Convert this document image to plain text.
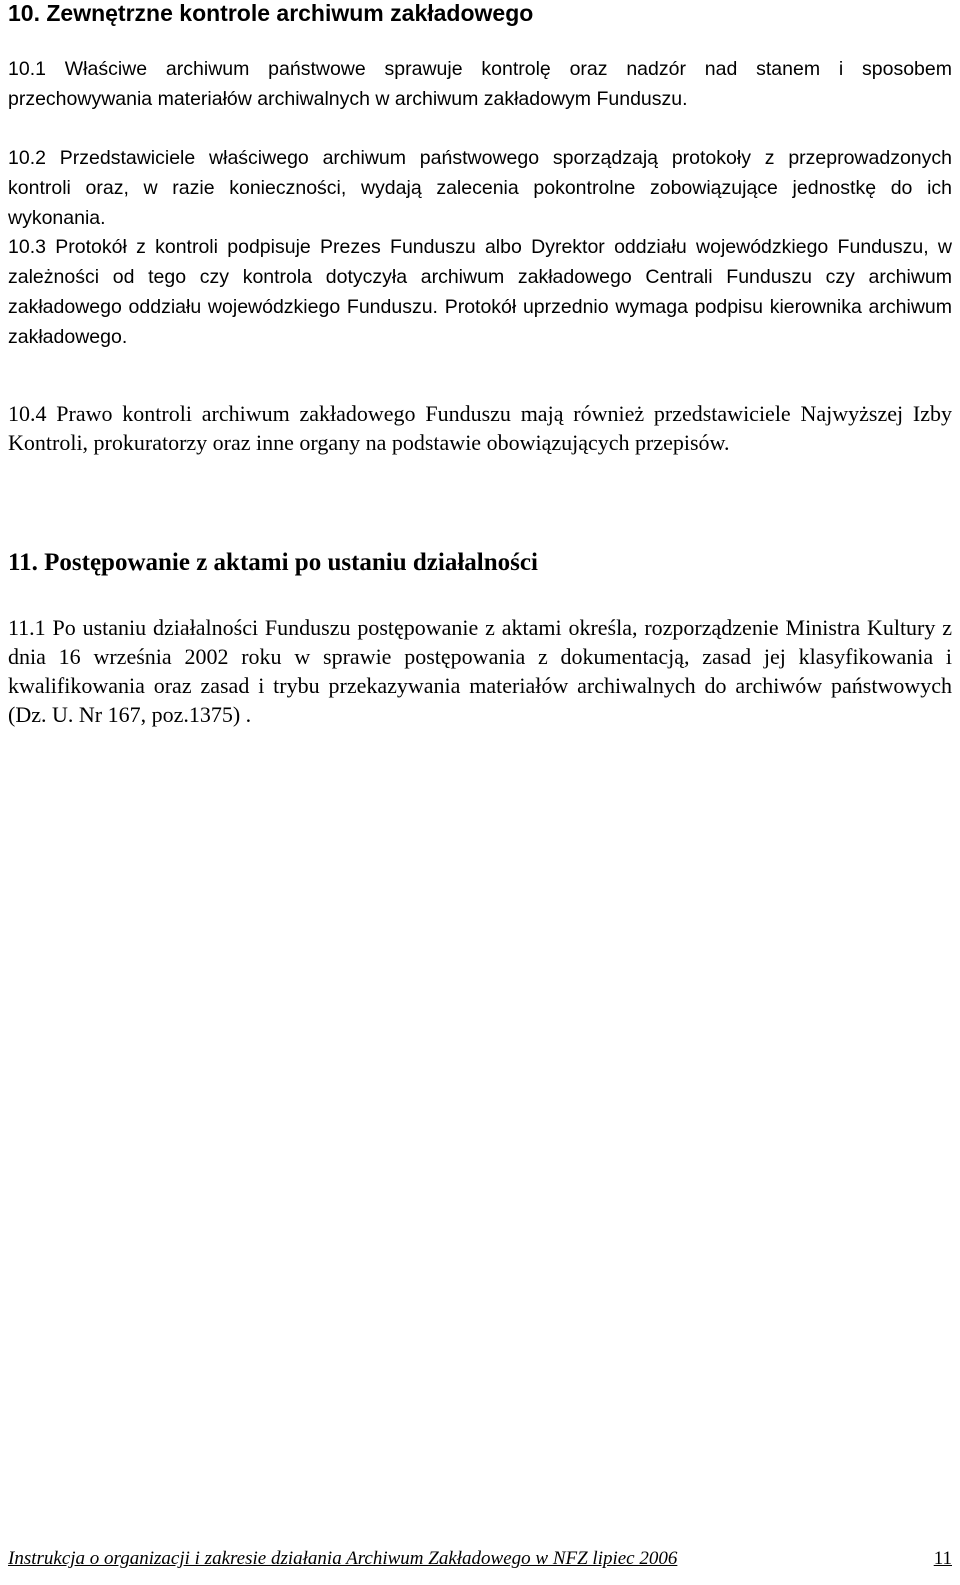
10. Zewnętrzne kontrole archiwum zakładowego

10.1 Właściwe archiwum państwowe sprawuje kontrolę oraz nadzór nad stanem i sposobem przechowywania materiałów archiwalnych w archiwum zakładowym Funduszu.

10.2 Przedstawiciele właściwego archiwum państwowego sporządzają protokoły z przeprowadzonych kontroli oraz, w razie konieczności, wydają zalecenia pokontrolne zobowiązujące jednostkę do ich wykonania.

10.3 Protokół z kontroli podpisuje Prezes Funduszu albo Dyrektor oddziału wojewódzkiego Funduszu, w zależności od tego czy kontrola dotyczyła archiwum zakładowego Centrali Funduszu czy archiwum zakładowego oddziału wojewódzkiego Funduszu. Protokół uprzednio wymaga podpisu kierownika archiwum zakładowego.

10.4 Prawo kontroli archiwum zakładowego Funduszu mają również przedstawiciele Najwyższej Izby Kontroli, prokuratorzy oraz inne organy na podstawie obowiązujących przepisów.

11. Postępowanie z aktami po ustaniu działalności

11.1 Po ustaniu działalności Funduszu postępowanie z aktami określa, rozporządzenie Ministra Kultury z dnia 16 września 2002 roku w sprawie postępowania z dokumentacją, zasad jej klasyfikowania i kwalifikowania oraz zasad i trybu przekazywania materiałów archiwalnych do archiwów państwowych (Dz. U. Nr 167, poz.1375) .

Instrukcja o organizacji i zakresie działania Archiwum Zakładowego w NFZ lipiec 2006	11
